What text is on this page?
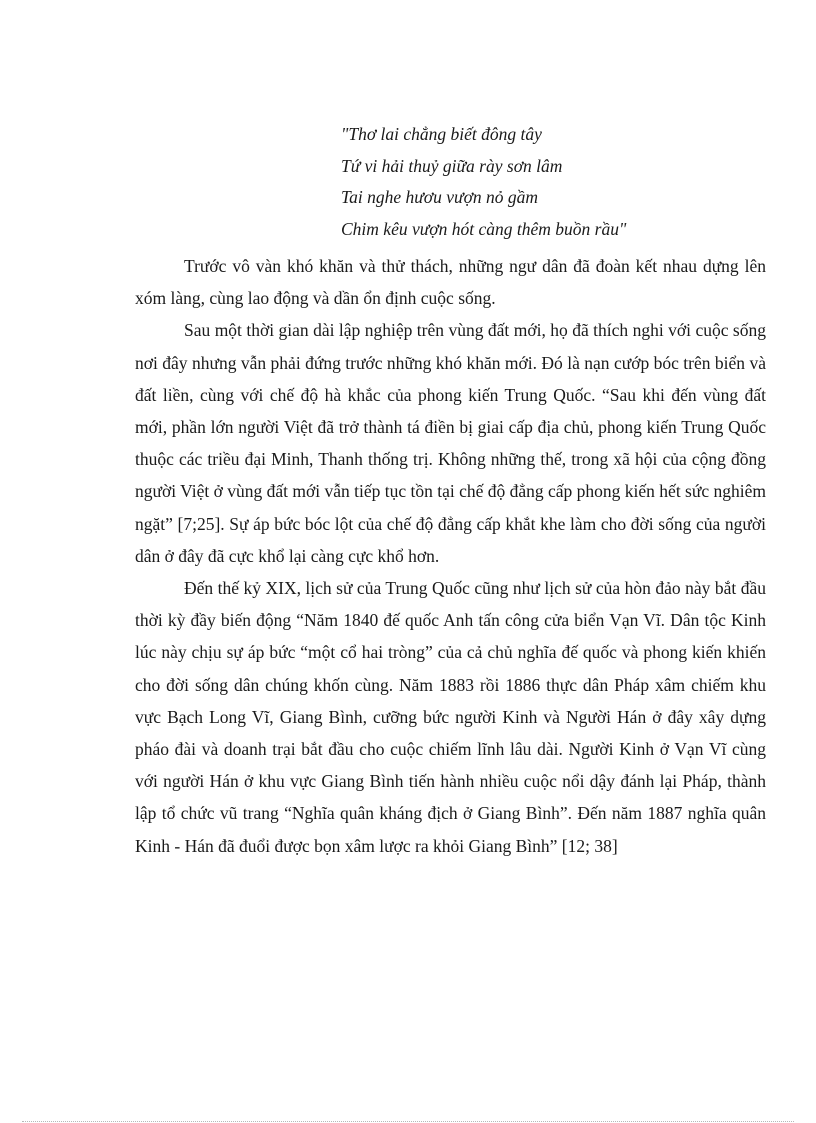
"Thơ lai chẳng biết đông tây
Tứ vi hải thuỷ giữa rày sơn lâm
Tai nghe hươu vượn nỏ gầm
Chim kêu vượn hót càng thêm buồn rầu"

Trước vô vàn khó khăn và thử thách, những ngư dân đã đoàn kết nhau dựng lên xóm làng, cùng lao động và dần ổn định cuộc sống.

Sau một thời gian dài lập nghiệp trên vùng đất mới, họ đã thích nghi với cuộc sống nơi đây nhưng vẫn phải đứng trước những khó khăn mới. Đó là nạn cướp bóc trên biển và đất liền, cùng với chế độ hà khắc của phong kiến Trung Quốc. “Sau khi đến vùng đất mới, phần lớn người Việt đã trở thành tá điền bị giai cấp địa chủ, phong kiến Trung Quốc thuộc các triều đại Minh, Thanh thống trị. Không những thế, trong xã hội của cộng đồng người Việt ở vùng đất mới vẫn tiếp tục tồn tại chế độ đẳng cấp phong kiến hết sức nghiêm ngặt” [7;25]. Sự áp bức bóc lột của chế độ đẳng cấp khắt khe làm cho đời sống của người dân ở đây đã cực khổ lại càng cực khổ hơn.

Đến thế kỷ XIX, lịch sử của Trung Quốc cũng như lịch sử của hòn đảo này bắt đầu thời kỳ đầy biến động “Năm 1840 đế quốc Anh tấn công cửa biển Vạn Vĩ. Dân tộc Kinh lúc này chịu sự áp bức “một cổ hai tròng” của cả chủ nghĩa đế quốc và phong kiến khiến cho đời sống dân chúng khốn cùng. Năm 1883 rồi 1886 thực dân Pháp xâm chiếm khu vực Bạch Long Vĩ, Giang Bình, cưỡng bức người Kinh và Người Hán ở đây xây dựng pháo đài và doanh trại bắt đầu cho cuộc chiếm lĩnh lâu dài. Người Kinh ở Vạn Vĩ cùng với người Hán ở khu vực Giang Bình tiến hành nhiều cuộc nổi dậy đánh lại Pháp, thành lập tổ chức vũ trang “Nghĩa quân kháng địch ở Giang Bình”. Đến năm 1887 nghĩa quân Kinh - Hán đã đuổi được bọn xâm lược ra khỏi Giang Bình” [12; 38]
